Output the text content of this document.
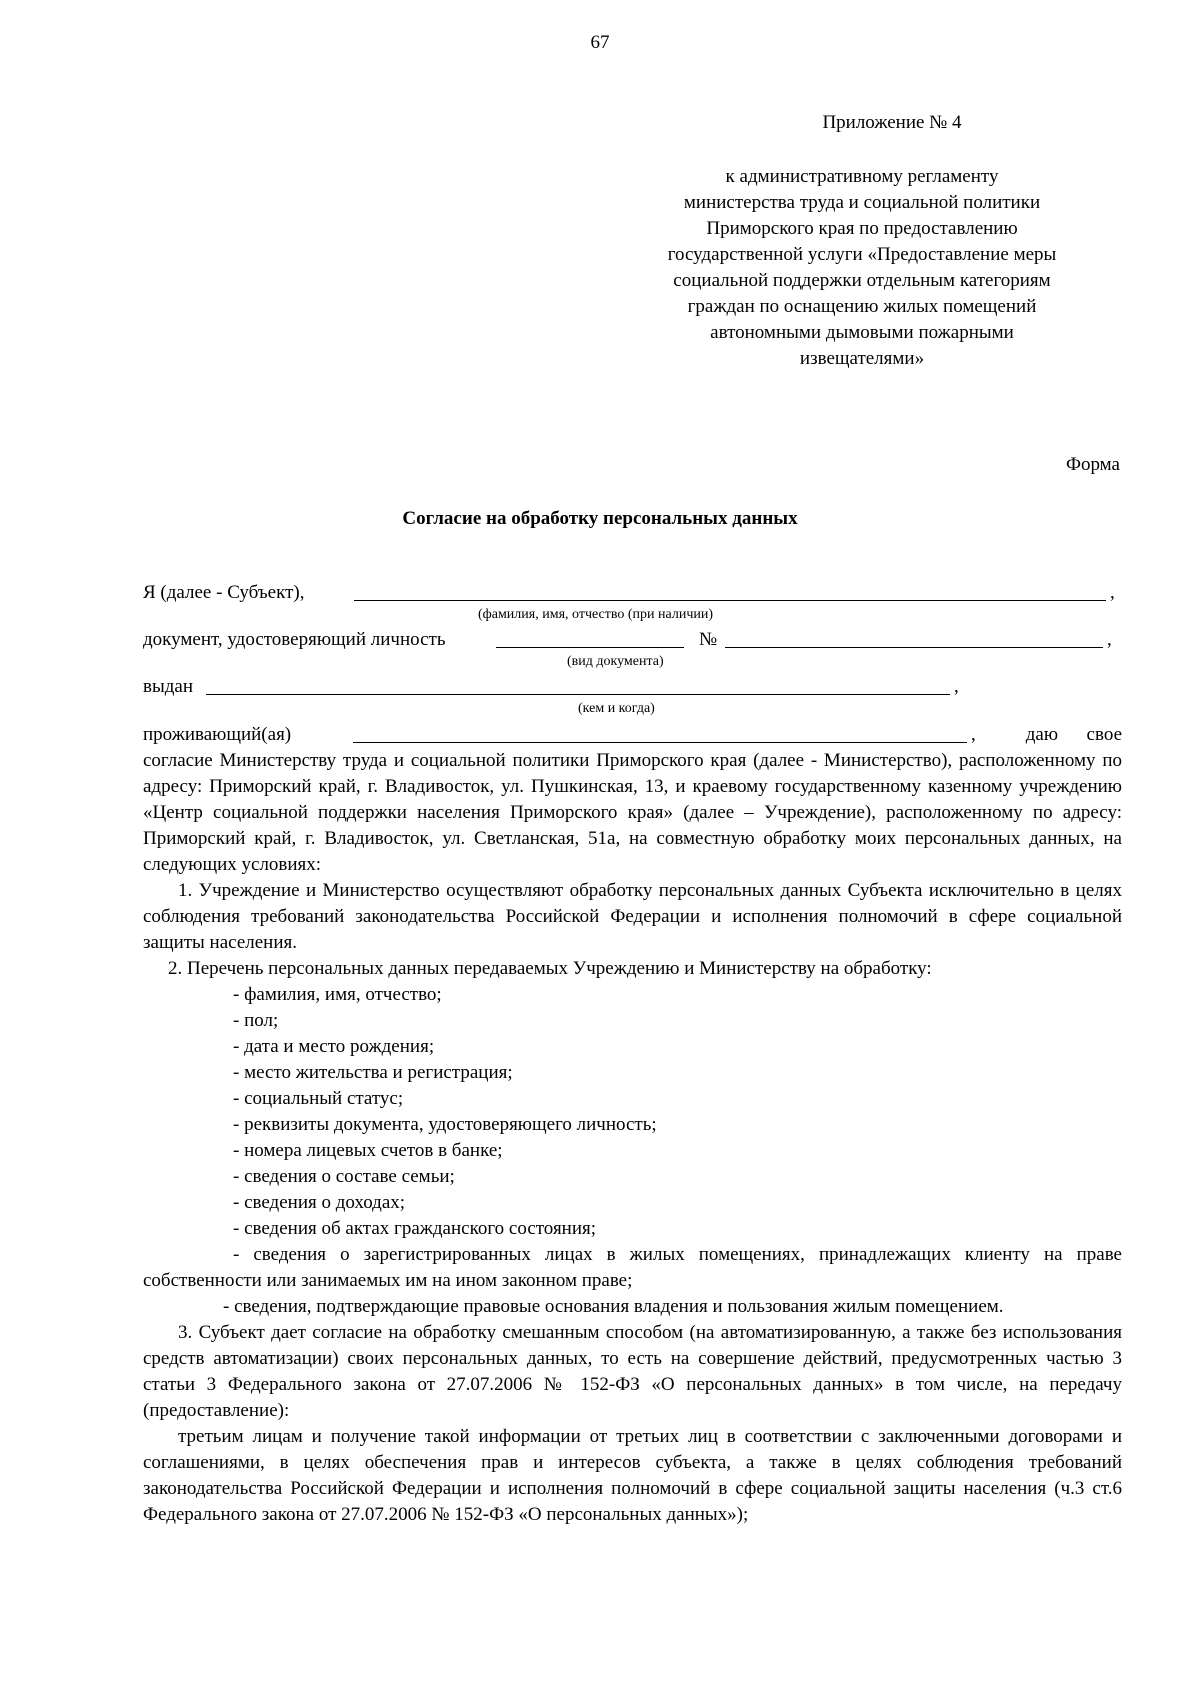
67
Приложение № 4
к административному регламенту
министерства труда и социальной политики
Приморского края по предоставлению
государственной услуги «Предоставление меры
социальной поддержки отдельным категориям
граждан по оснащению жилых помещений
автономными дымовыми пожарными
извещателями»
Форма
Согласие на обработку персональных данных
Я (далее - Субъект),	,
(фамилия, имя, отчество (при наличии)
документ, удостоверяющий личность	№	,
(вид документа)
выдан	,
(кем и когда)
проживающий(ая)	,	даю      свое

согласие Министерству труда и социальной политики Приморского края (далее - Министерство), расположенному по адресу: Приморский край, г. Владивосток, ул. Пушкинская, 13, и краевому государственному казенному учреждению «Центр социальной поддержки населения Приморского края» (далее – Учреждение), расположенному по адресу: Приморский край, г. Владивосток, ул. Светланская, 51а, на совместную обработку моих персональных данных, на следующих условиях:

1. Учреждение и Министерство осуществляют обработку персональных данных Субъекта исключительно в целях соблюдения требований законодательства Российской Федерации и исполнения полномочий в сфере социальной защиты населения.

2. Перечень персональных данных передаваемых Учреждению и Министерству на обработку:

- фамилия, имя, отчество;

- пол;

- дата и место рождения;

- место жительства и регистрация;

- социальный статус;

- реквизиты документа, удостоверяющего личность;

- номера лицевых счетов в банке;

- сведения о составе семьи;

- сведения о доходах;

- сведения об актах гражданского состояния;

- сведения о зарегистрированных лицах в жилых помещениях, принадлежащих клиенту на праве собственности или занимаемых им на ином законном праве;

- сведения, подтверждающие правовые основания владения и пользования жилым помещением.

3. Субъект дает согласие на обработку смешанным способом (на автоматизированную, а также без использования средств автоматизации) своих персональных данных, то есть на совершение действий, предусмотренных частью 3 статьи 3 Федерального закона от 27.07.2006 № 152-ФЗ «О персональных данных» в том числе, на передачу (предоставление):

третьим лицам и получение такой информации от третьих лиц в соответствии с заключенными договорами и соглашениями, в целях обеспечения прав и интересов субъекта, а также в целях соблюдения требований законодательства Российской Федерации и исполнения полномочий в сфере социальной защиты населения (ч.3 ст.6 Федерального закона от 27.07.2006 № 152-ФЗ «О персональных данных»);
